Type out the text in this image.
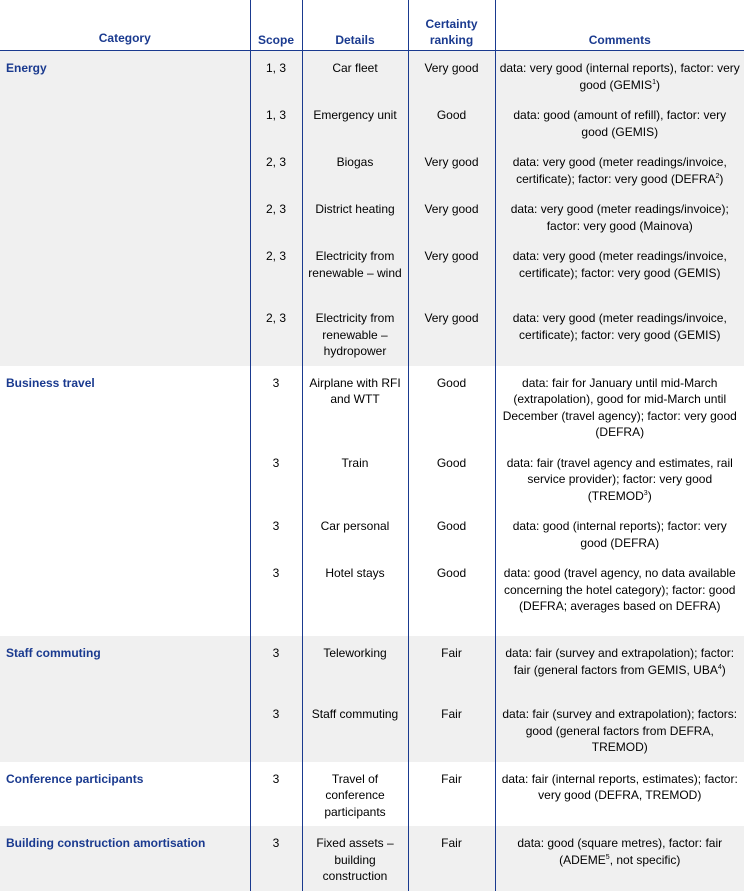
Category	Scope	Details	Certainty ranking	Comments
Energy	1, 3	Car fleet	Very good	data: very good (internal reports), factor: very good (GEMIS$^1$)
	1, 3	Emergency unit	Good	data: good (amount of refill), factor: very good (GEMIS)
	2, 3	Biogas	Very good	data: very good (meter readings/invoice, certificate); factor: very good (DEFRA$^2$)
	2, 3	District heating	Very good	data: very good (meter readings/invoice); factor: very good (Mainova)
	2, 3	Electricity from renewable – wind	Very good	data: very good (meter readings/invoice, certificate); factor: very good (GEMIS)
	2, 3	Electricity from renewable – hydropower	Very good	data: very good (meter readings/invoice, certificate); factor: very good (GEMIS)
Business travel	3	Airplane with RFI and WTT	Good	data: fair for January until mid-March (extrapolation), good for mid-March until December (travel agency); factor: very good (DEFRA)
	3	Train	Good	data: fair (travel agency and estimates, rail service provider); factor: very good (TREMOD$^3$)
	3	Car personal	Good	data: good (internal reports); factor: very good (DEFRA)
	3	Hotel stays	Good	data: good (travel agency, no data available concerning the hotel category); factor: good (DEFRA; averages based on DEFRA)
Staff commuting	3	Teleworking	Fair	data: fair (survey and extrapolation); factor: fair (general factors from GEMIS, UBA$^4$)
	3	Staff commuting	Fair	data: fair (survey and extrapolation); factors: good (general factors from DEFRA, TREMOD)
Conference participants	3	Travel of conference participants	Fair	data: fair (internal reports, estimates); factor: very good (DEFRA, TREMOD)
Building construction amortisation	3	Fixed assets – building construction	Fair	data: good (square metres), factor: fair (ADEME$^5$, not specific)
